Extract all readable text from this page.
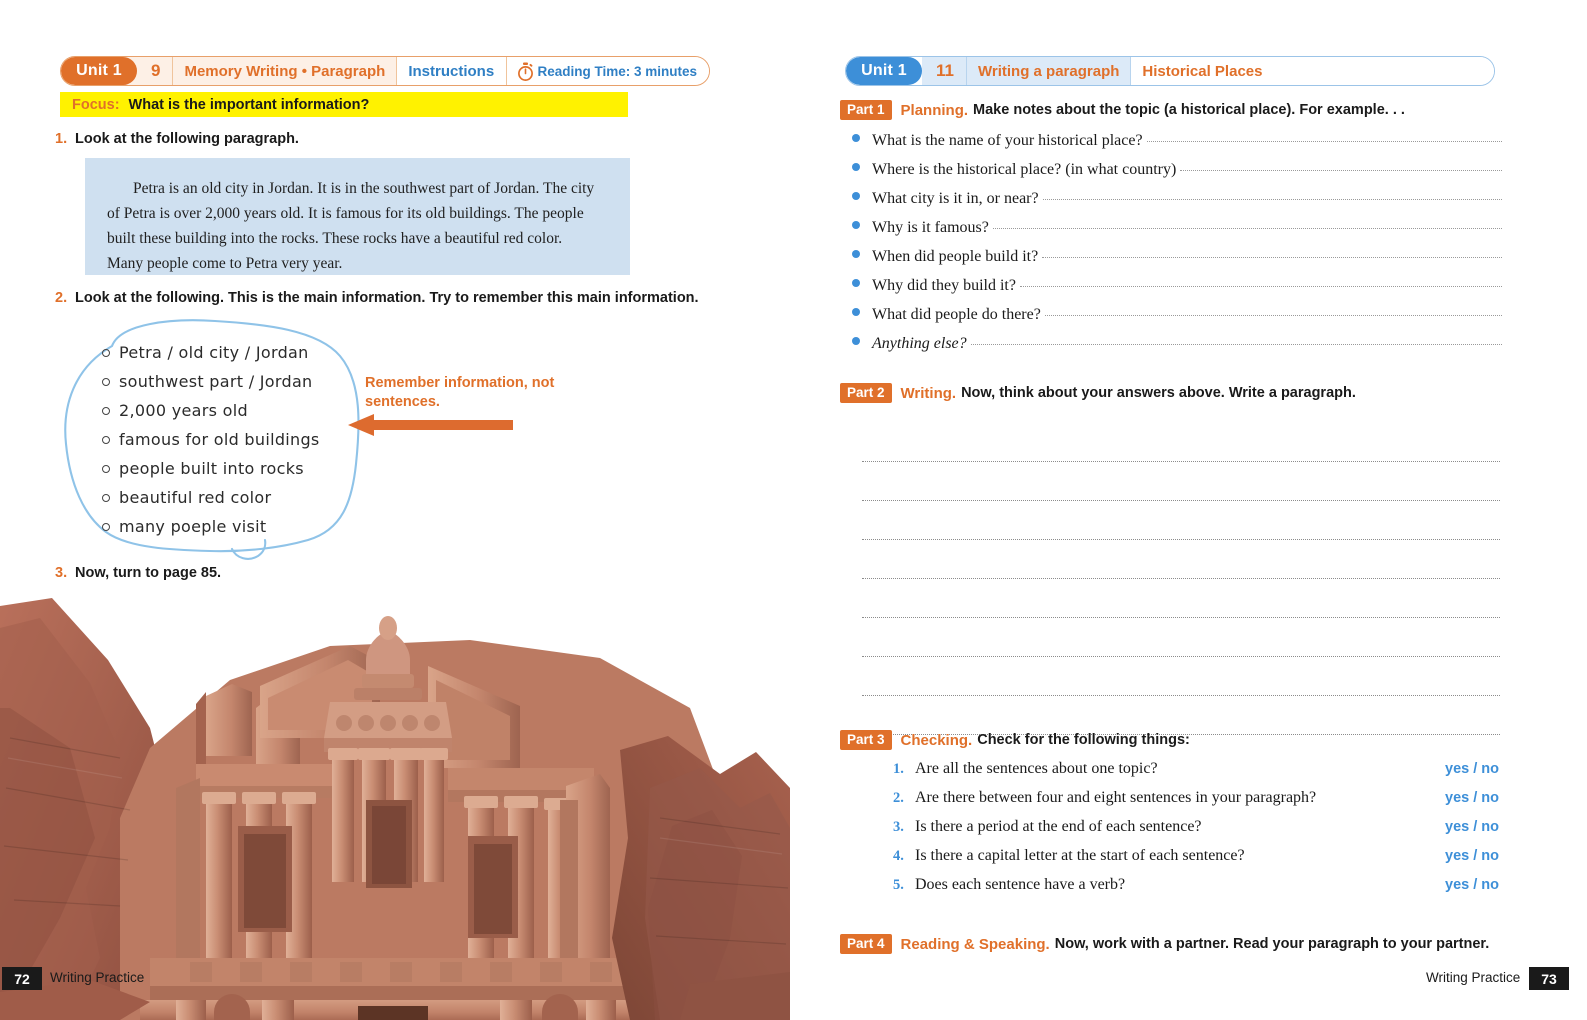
Unit 1	9	Memory Writing • Paragraph	Instructions	Reading Time: 3 minutes
Focus: What is the important information?
1. Look at the following paragraph.

Petra is an old city in Jordan. It is in the southwest part of Jordan. The city of Petra is over 2,000 years old. It is famous for its old buildings. The people built these building into the rocks. These rocks have a beautiful red color. Many people come to Petra very year.

2. Look at the following. This is the main information. Try to remember this main information.
Petra / old city / Jordan
southwest part / Jordan
2,000 years old
famous for old buildings
people built into rocks
beautiful red color
many poeple visit
Remember information, not sentences.
3. Now, turn to page 85.
72	Writing Practice
Unit 1	11	Writing a paragraph	Historical Places
Part 1	Planning. Make notes about the topic (a historical place). For example. . .
What is the name of your historical place?
Where is the historical place? (in what country)
What city is it in, or near?
Why is it famous?
When did people build it?
Why did they build it?
What did people do there?
Anything else?
Part 2	Writing. Now, think about your answers above. Write a paragraph.
Part 3	Checking. Check for the following things:
1. Are all the sentences about one topic?	yes / no
2. Are there between four and eight sentences in your paragraph?	yes / no
3. Is there a period at the end of each sentence?	yes / no
4. Is there a capital letter at the start of each sentence?	yes / no
5. Does each sentence have a verb?	yes / no
Part 4	Reading & Speaking. Now, work with a partner. Read your paragraph to your partner.
Writing Practice	73
